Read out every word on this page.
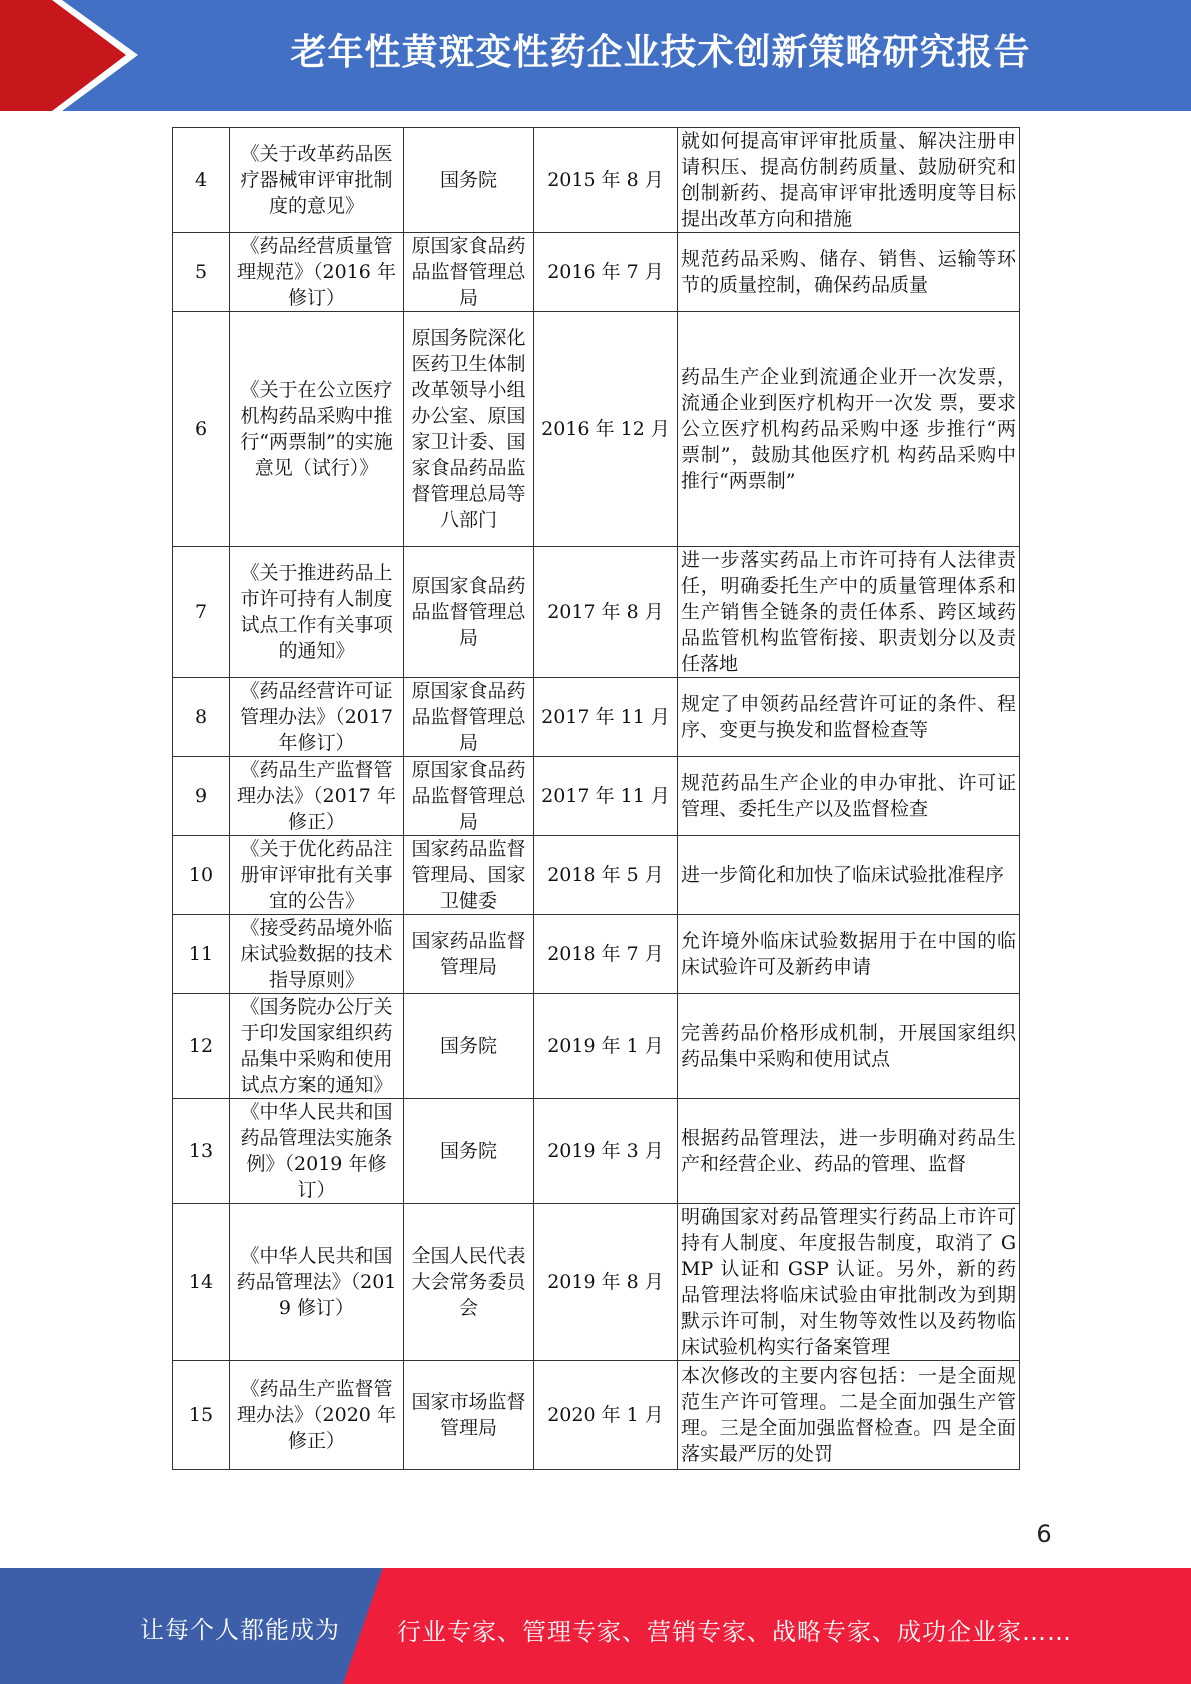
老年性黄斑变性药企业技术创新策略研究报告
4	《关于改革药品医疗器械审评审批制度的意见》	国务院	2015 年 8 月	就如何提高审评审批质量、解决注册申请积压、提高仿制药质量、鼓励研究和创制新药、提高审评审批透明度等目标提出改革方向和措施
5	《药品经营质量管理规范》（2016 年修订）	原国家食品药品监督管理总局	2016 年 7 月	规范药品采购、储存、销售、运输等环节的质量控制，确保药品质量
6	《关于在公立医疗机构药品采购中推行“两票制”的实施意见（试行）》	原国务院深化医药卫生体制改革领导小组办公室、原国家卫计委、国家食品药品监督管理总局等八部门	2016 年 12 月	药品生产企业到流通企业开一次发票，流通企业到医疗机构开一次发 票，要求公立医疗机构药品采购中逐 步推行“两票制”，鼓励其他医疗机 构药品采购中推行“两票制”
7	《关于推进药品上市许可持有人制度试点工作有关事项的通知》	原国家食品药品监督管理总局	2017 年 8 月	进一步落实药品上市许可持有人法律责任，明确委托生产中的质量管理体系和生产销售全链条的责任体系、跨区域药品监管机构监管衔接、职责划分以及责任落地
8	《药品经营许可证管理办法》（2017 年修订）	原国家食品药品监督管理总局	2017 年 11 月	规定了申领药品经营许可证的条件、程序、变更与换发和监督检查等
9	《药品生产监督管理办法》（2017 年修正）	原国家食品药品监督管理总局	2017 年 11 月	规范药品生产企业的申办审批、许可证管理、委托生产以及监督检查
10	《关于优化药品注册审评审批有关事宜的公告》	国家药品监督管理局、国家卫健委	2018 年 5 月	进一步简化和加快了临床试验批准程序
11	《接受药品境外临床试验数据的技术指导原则》	国家药品监督管理局	2018 年 7 月	允许境外临床试验数据用于在中国的临床试验许可及新药申请
12	《国务院办公厅关于印发国家组织药品集中采购和使用试点方案的通知》	国务院	2019 年 1 月	完善药品价格形成机制，开展国家组织药品集中采购和使用试点
13	《中华人民共和国药品管理法实施条例》（2019 年修订）	国务院	2019 年 3 月	根据药品管理法，进一步明确对药品生产和经营企业、药品的管理、监督
14	《中华人民共和国药品管理法》（2019 修订）	全国人民代表大会常务委员会	2019 年 8 月	明确国家对药品管理实行药品上市许可持有人制度、年度报告制度，取消了 GMP 认证和 GSP 认证。另外，新的药品管理法将临床试验由审批制改为到期默示许可制，对生物等效性以及药物临床试验机构实行备案管理
15	《药品生产监督管理办法》（2020 年修正）	国家市场监督管理局	2020 年 1 月	本次修改的主要内容包括：一是全面规范生产许可管理。二是全面加强生产管理。三是全面加强监督检查。四 是全面落实最严厉的处罚
6
让每个人都能成为 行业专家、管理专家、营销专家、战略专家、成功企业家……
